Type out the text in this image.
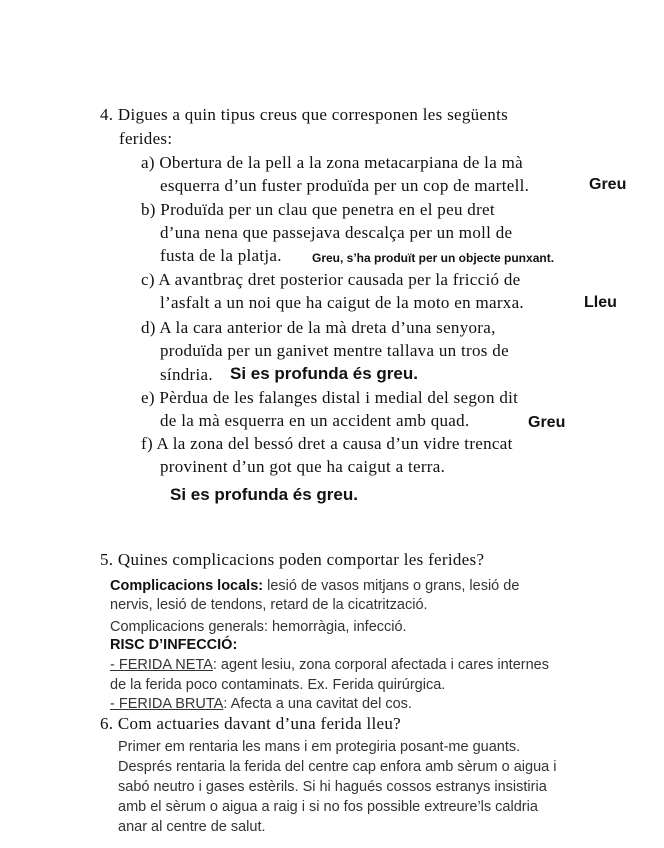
4. Digues a quin tipus creus que corresponen les següents
ferides:
a) Obertura de la pell a la zona metacarpiana de la mà
esquerra d’un fuster produïda per un cop de martell.	Greu
b) Produïda per un clau que penetra en el peu dret
d’una nena que passejava descalça per un moll de
fusta de la platja.	Greu, s’ha produït per un objecte punxant.
c) A avantbraç dret posterior causada per la fricció de
l’asfalt a un noi que ha caigut de la moto en marxa.	Lleu
d) A la cara anterior de la mà dreta d’una senyora,
produïda per un ganivet mentre tallava un tros de
síndria. Si es profunda és greu.
e) Pèrdua de les falanges distal i medial del segon dit
de la mà esquerra en un accident amb quad.	Greu
f) A la zona del bessó dret a causa d’un vidre trencat
provinent d’un got que ha caigut a terra.
Si es profunda és greu.
5. Quines complicacions poden comportar les ferides?
Complicacions locals: lesió de vasos mitjans o grans, lesió de
nervis, lesió de tendons, retard de la cicatrització.
Complicacions generals: hemorràgia, infecció.
RISC D’INFECCIÓ:
- FERIDA NETA: agent lesiu, zona corporal afectada i cares internes
de la ferida poco contaminats. Ex. Ferida quirúrgica.
- FERIDA BRUTA: Afecta a una cavitat del cos.
6. Com actuaries davant d’una ferida lleu?
Primer em rentaria les mans i em protegiria posant-me guants.
Després rentaria la ferida del centre cap enfora amb sèrum o aigua i
sabó neutro i gases estèrils. Si hi hagués cossos estranys insistiria
amb el sèrum o aigua a raig i si no fos possible extreure’ls caldria
anar al centre de salut.
